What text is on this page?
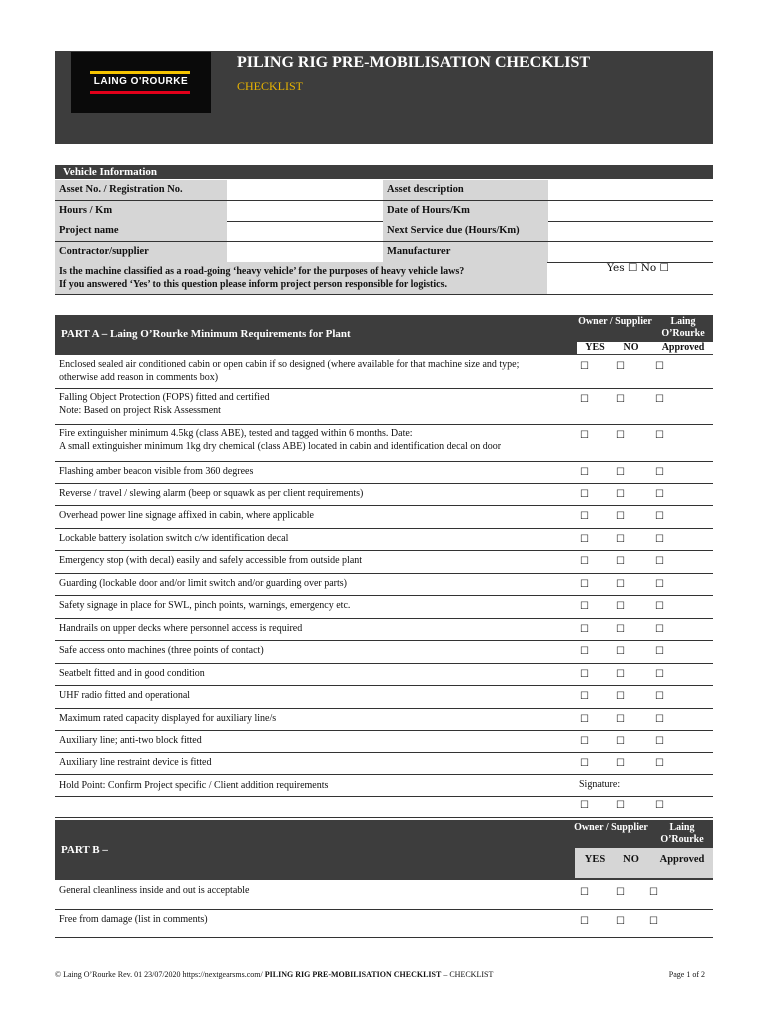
LAING O'ROURKE
PILING RIG PRE-MOBILISATION CHECKLIST
CHECKLIST
Vehicle Information
Asset No. / Registration No.	Asset description
Hours / Km	Date of Hours/Km
Project name	Next Service due (Hours/Km)
Contractor/supplier	Manufacturer
Is the machine classified as a road-going ‘heavy vehicle’ for the purposes of heavy vehicle laws?
If you answered ‘Yes’ to this question please inform project person responsible for logistics.
Yes ☐ No ☐
PART A – Laing O’Rourke Minimum Requirements for Plant
Owner / Supplier	Laing O’Rourke
YES	NO	Approved
Enclosed sealed air conditioned cabin or open cabin if so designed (where available for that machine size and type;
otherwise add reason in comments box)
☐	☐	☐
Falling Object Protection (FOPS) fitted and certified
Note: Based on project Risk Assessment
☐	☐	☐
Fire extinguisher minimum 4.5kg (class ABE), tested and tagged within 6 months. Date:
A small extinguisher minimum 1kg dry chemical (class ABE) located in cabin and identification decal on door
☐	☐	☐
Flashing amber beacon visible from 360 degrees	☐	☐	☐
Reverse / travel / slewing alarm (beep or squawk as per client requirements)	☐	☐	☐
Overhead power line signage affixed in cabin, where applicable	☐	☐	☐
Lockable battery isolation switch c/w identification decal	☐	☐	☐
Emergency stop (with decal) easily and safely accessible from outside plant	☐	☐	☐
Guarding (lockable door and/or limit switch and/or guarding over parts)	☐	☐	☐
Safety signage in place for SWL, pinch points, warnings, emergency etc.	☐	☐	☐
Handrails on upper decks where personnel access is required	☐	☐	☐
Safe access onto machines (three points of contact)	☐	☐	☐
Seatbelt fitted and in good condition	☐	☐	☐
UHF radio fitted and operational	☐	☐	☐
Maximum rated capacity displayed for auxiliary line/s	☐	☐	☐
Auxiliary line; anti-two block fitted	☐	☐	☐
Auxiliary line restraint device is fitted	☐	☐	☐
Hold Point: Confirm Project specific / Client addition requirements	Signature:
☐	☐	☐
PART B –
Owner / Supplier	Laing O’Rourke
YES	NO	Approved
General cleanliness inside and out is acceptable	☐	☐ ☐
Free from damage (list in comments)	☐	☐ ☐
© Laing O’Rourke Rev. 01 23/07/2020 https://nextgearsms.com/ PILING RIG PRE-MOBILISATION CHECKLIST – CHECKLIST	Page 1 of 2
